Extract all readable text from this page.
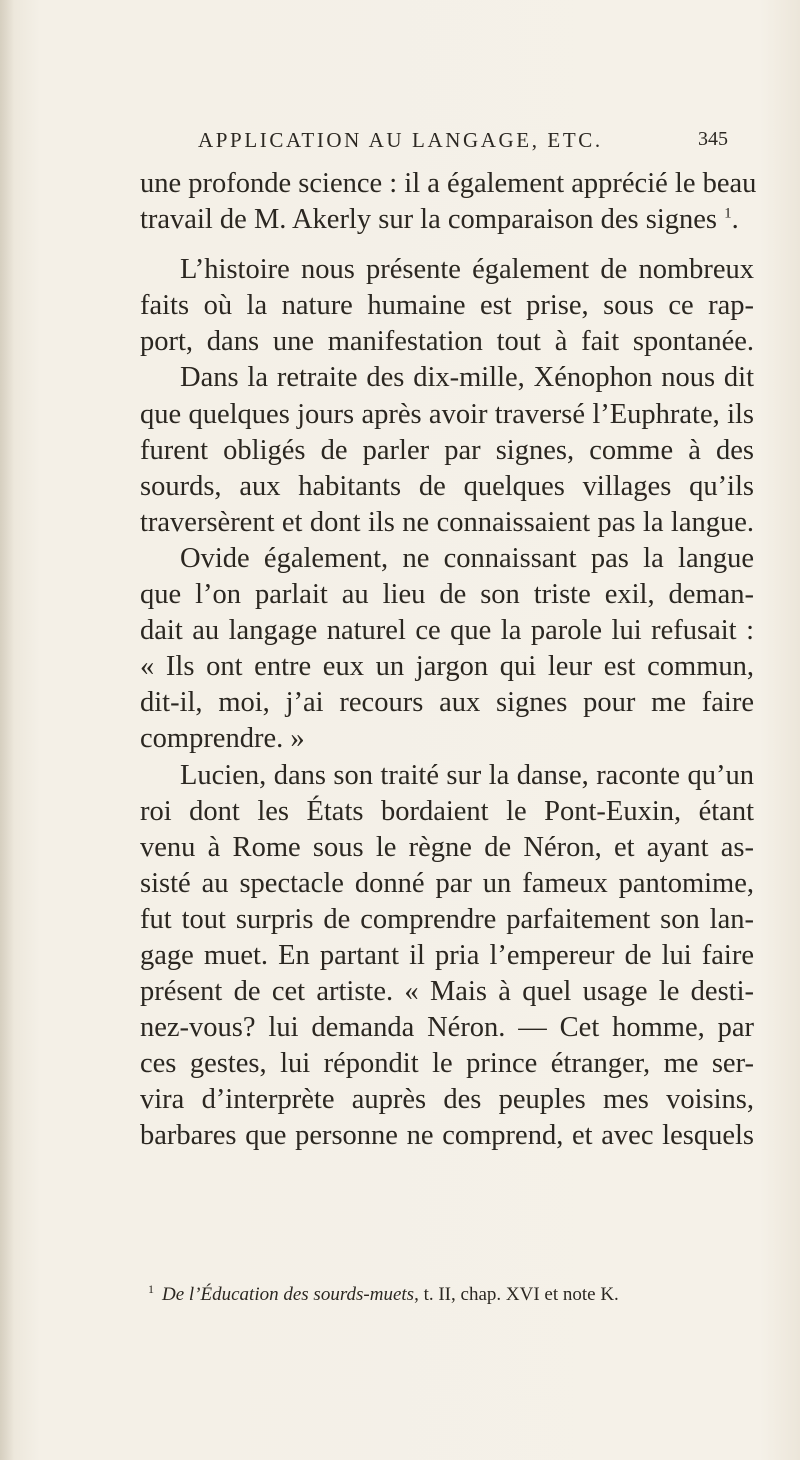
APPLICATION AU LANGAGE, ETC.	345
une profonde science : il a également apprécié le beau
travail de M. Akerly sur la comparaison des signes $^1$.
L’histoire nous présente également de nombreux
faits où la nature humaine est prise, sous ce rap-
port, dans une manifestation tout à fait spontanée.
Dans la retraite des dix-mille, Xénophon nous dit
que quelques jours après avoir traversé l’Euphrate, ils
furent obligés de parler par signes, comme à des
sourds, aux habitants de quelques villages qu’ils
traversèrent et dont ils ne connaissaient pas la langue.
Ovide également, ne connaissant pas la langue
que l’on parlait au lieu de son triste exil, deman-
dait au langage naturel ce que la parole lui refusait :
« Ils ont entre eux un jargon qui leur est commun,
dit-il, moi, j’ai recours aux signes pour me faire
comprendre. »
Lucien, dans son traité sur la danse, raconte qu’un
roi dont les États bordaient le Pont-Euxin, étant
venu à Rome sous le règne de Néron, et ayant as-
sisté au spectacle donné par un fameux pantomime,
fut tout surpris de comprendre parfaitement son lan-
gage muet. En partant il pria l’empereur de lui faire
présent de cet artiste. « Mais à quel usage le desti-
nez-vous? lui demanda Néron. — Cet homme, par
ces gestes, lui répondit le prince étranger, me ser-
vira d’interprète auprès des peuples mes voisins,
barbares que personne ne comprend, et avec lesquels
$^1$ De l’Éducation des sourds-muets, t. II, chap. XVI et note K.
